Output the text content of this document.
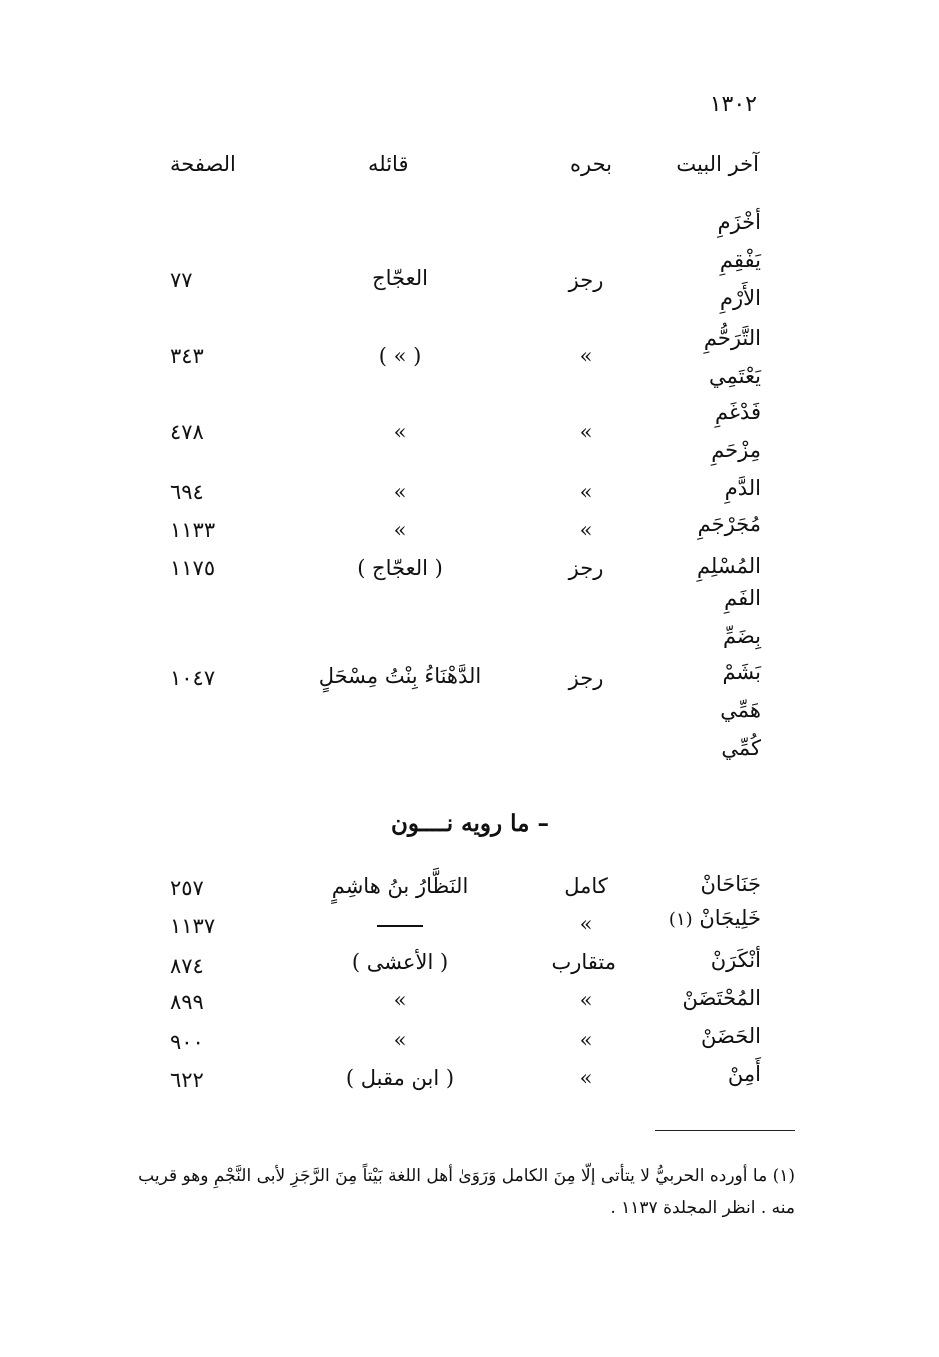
١٣٠٢
آخر البيت
بحره
قائله
الصفحة
أخْزَمِ
يَفْقِمِ
الأَرْمِ
التَّرَحُّمِ
يَعْتَمِي
فَدْغَمِ
مِزْحَمِ
الدَّمِ
مُجَرْجَمِ
المُسْلِمِ
الفَمِ
بِضَمِّ
بَشَمْ
هَمِّي
كُمِّي
رجز
العجّاج
٧٧
»
( » )
٣٤٣
»
»
٤٧٨
»
»
٦٩٤
»
»
١١٣٣
رجز
( العجّاج )
١١٧٥
رجز
الدَّهْنَاءُ بِنْتُ مِسْحَلٍ
١٠٤٧
– ما رويه نــــون
جَنَاحَانْ
كامل
النَظَّارُ بنُ هاشِمٍ
٢٥٧
خَلِيجَانْ (١)
»
١١٣٧
أنْكَرَنْ
متقارب
( الأعشى )
٨٧٤
المُحْتَضَنْ
»
»
٨٩٩
الحَضَنْ
»
»
٩٠٠
أَمِنْ
»
( ابن مقبل )
٦٢٢
(١) ما أورده الحربيُّ لا يتأتى إلّا مِنَ الكامل وَرَوَىٰ أهل اللغة بَيْتاً مِنَ الرَّجَزِ لأبى النَّجْمِ وهو قريب منه . انظر المجلدة ١١٣٧ .
